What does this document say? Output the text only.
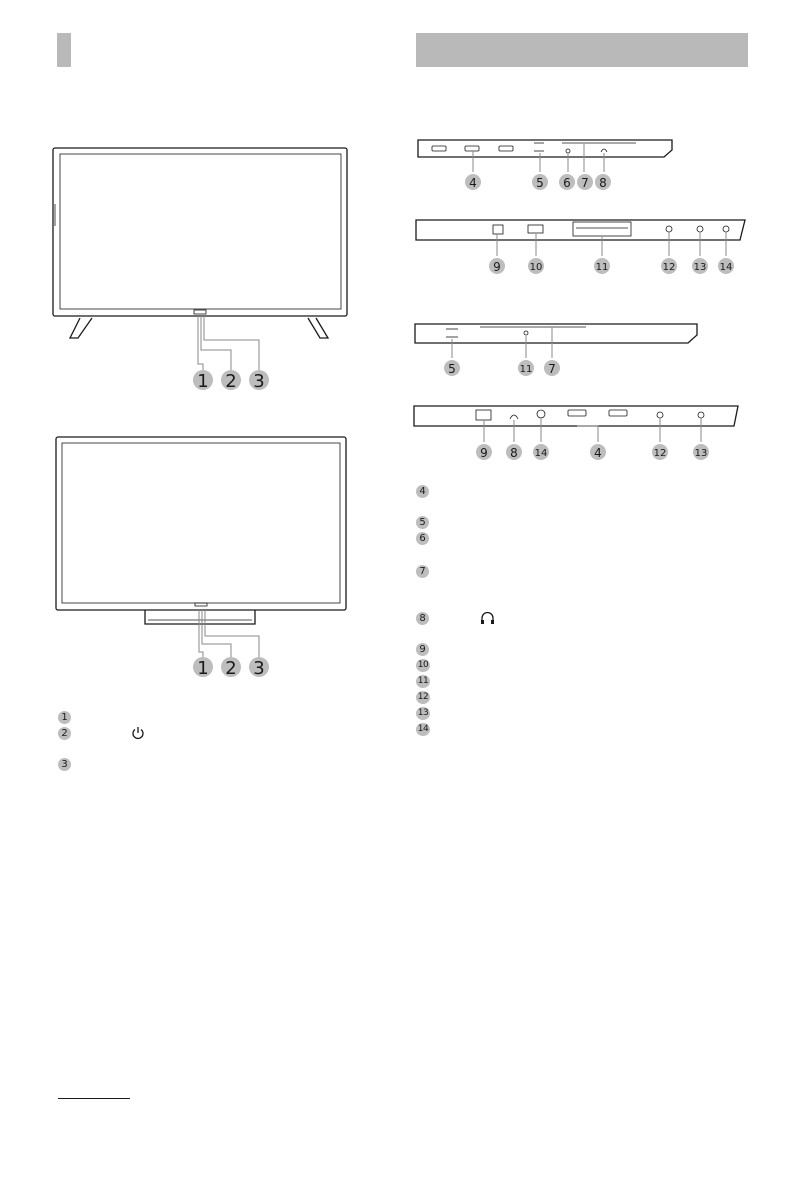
1 2 3
1 2 3
4	5 6 7 8
9	10	11	12 13 14
5	11 7
9 8 14	4	12	13
1
2
3
4
5
6
7
8
9
10
11
12
13
14
